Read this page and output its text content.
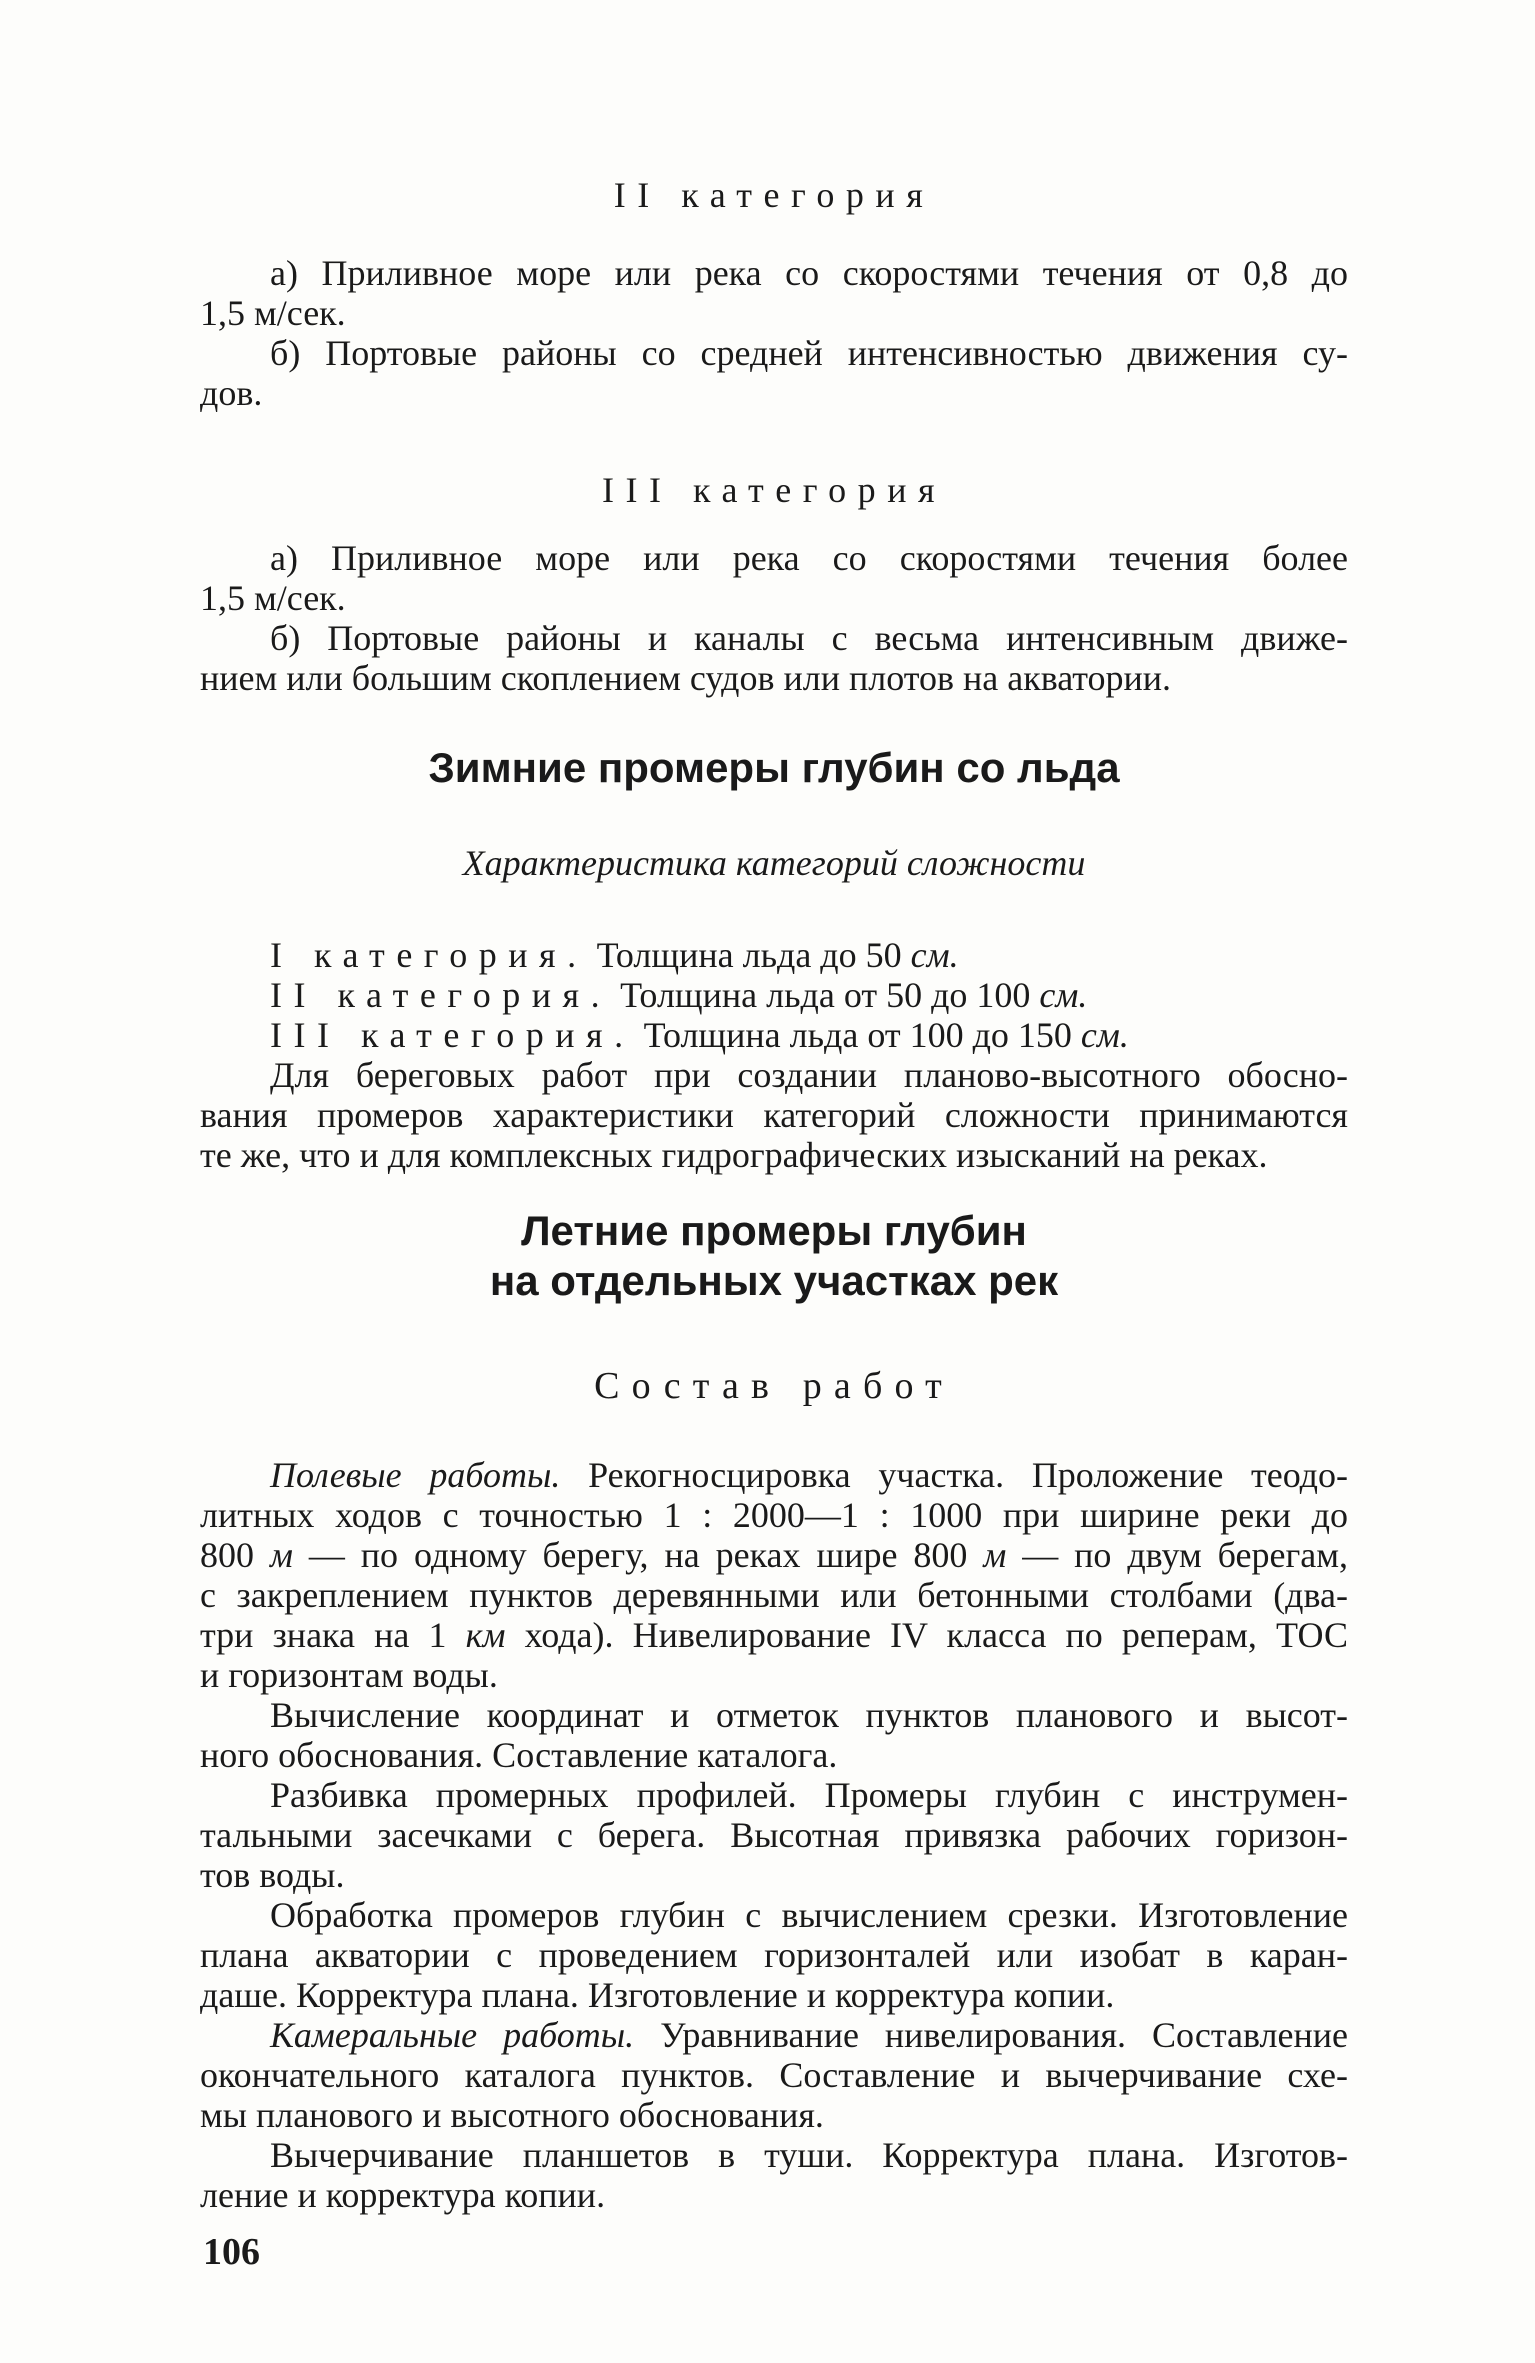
II категория
а) Приливное море или река со скоростями течения от 0,8 до
1,5 м/сек.
б) Портовые районы со средней интенсивностью движения су-
дов.
III категория
а) Приливное море или река со скоростями течения более
1,5 м/сек.
б) Портовые районы и каналы с весьма интенсивным движе-
нием или большим скоплением судов или плотов на акватории.
Зимние промеры глубин со льда
Характеристика категорий сложности
I категория. Толщина льда до 50 см.
II категория. Толщина льда от 50 до 100 см.
III категория. Толщина льда от 100 до 150 см.
Для береговых работ при создании планово-высотного обосно-
вания промеров характеристики категорий сложности принимаются
те же, что и для комплексных гидрографических изысканий на реках.
Летние промеры глубин
на отдельных участках рек
Состав работ
Полевые работы. Рекогносцировка участка. Проложение теодо-
литных ходов с точностью 1 : 2000—1 : 1000 при ширине реки до
800 м — по одному берегу, на реках шире 800 м — по двум берегам,
с закреплением пунктов деревянными или бетонными столбами (два-
три знака на 1 км хода). Нивелирование IV класса по реперам, ТОС
и горизонтам воды.
Вычисление координат и отметок пунктов планового и высот-
ного обоснования. Составление каталога.
Разбивка промерных профилей. Промеры глубин с инструмен-
тальными засечками с берега. Высотная привязка рабочих горизон-
тов воды.
Обработка промеров глубин с вычислением срезки. Изготовление
плана акватории с проведением горизонталей или изобат в каран-
даше. Корректура плана. Изготовление и корректура копии.
Камеральные работы. Уравнивание нивелирования. Составление
окончательного каталога пунктов. Составление и вычерчивание схе-
мы планового и высотного обоснования.
Вычерчивание планшетов в туши. Корректура плана. Изготов-
ление и корректура копии.
106
